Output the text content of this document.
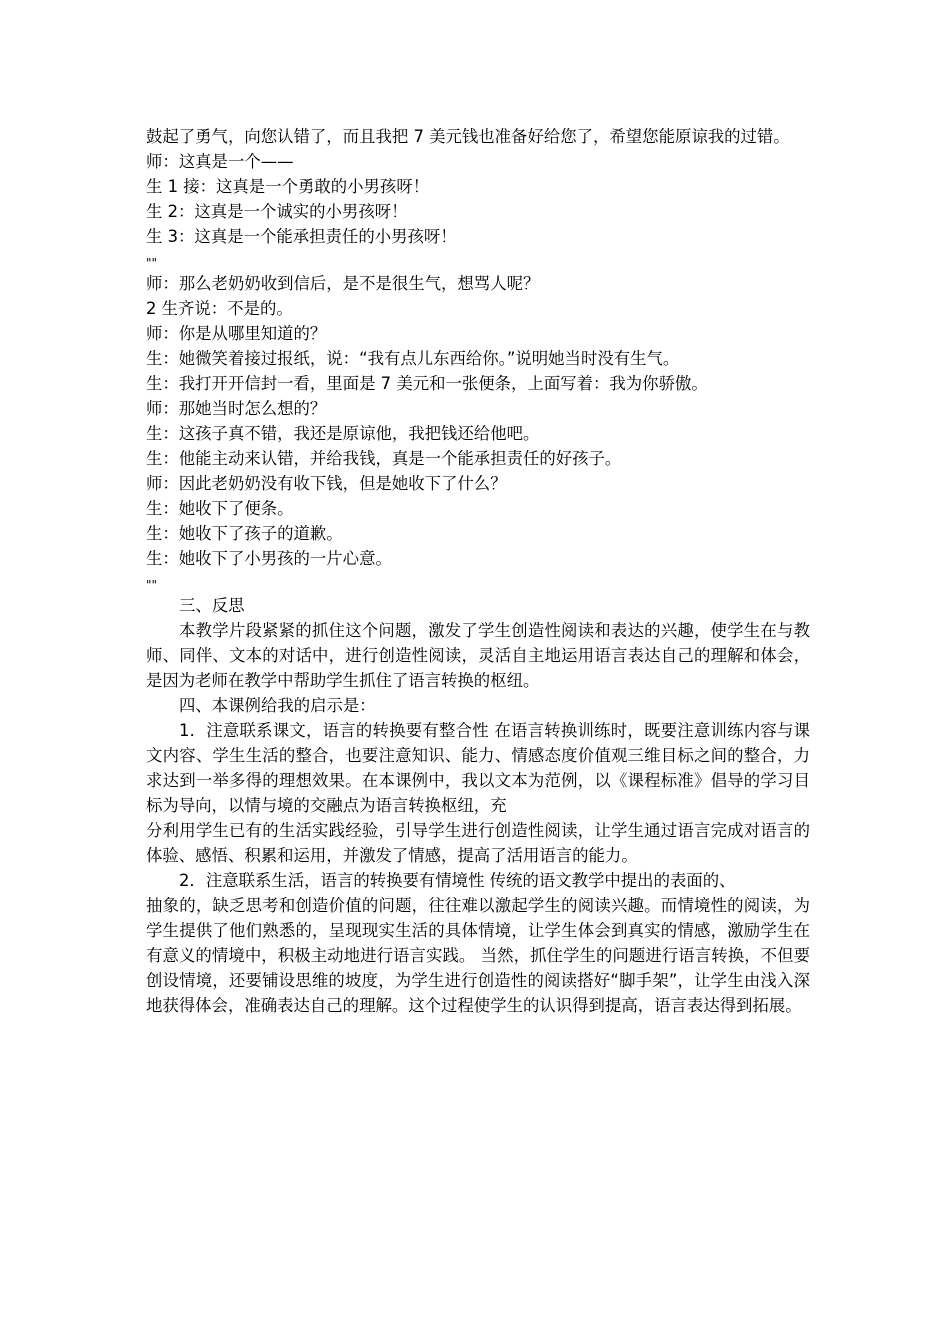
鼓起了勇气，向您认错了，而且我把 7 美元钱也准备好给您了，希望您能原谅我的过错。

师：这真是一个——

生 1 接：这真是一个勇敢的小男孩呀！

生 2：这真是一个诚实的小男孩呀！

生 3：这真是一个能承担责任的小男孩呀！

""

师：那么老奶奶收到信后，是不是很生气，想骂人呢？

2 生齐说：不是的。

师：你是从哪里知道的？

生：她微笑着接过报纸，说：“我有点儿东西给你。”说明她当时没有生气。

生：我打开开信封一看，里面是 7 美元和一张便条，上面写着：我为你骄傲。

师：那她当时怎么想的？

生：这孩子真不错，我还是原谅他，我把钱还给他吧。

生：他能主动来认错，并给我钱，真是一个能承担责任的好孩子。

师：因此老奶奶没有收下钱，但是她收下了什么？

生：她收下了便条。

生：她收下了孩子的道歉。

生：她收下了小男孩的一片心意。

""

三、反思

本教学片段紧紧的抓住这个问题，激发了学生创造性阅读和表达的兴趣，使学生在与教师、同伴、文本的对话中，进行创造性阅读，灵活自主地运用语言表达自己的理解和体会，是因为老师在教学中帮助学生抓住了语言转换的枢纽。

四、本课例给我的启示是：

1．注意联系课文，语言的转换要有整合性 在语言转换训练时，既要注意训练内容与课文内容、学生生活的整合，也要注意知识、能力、情感态度价值观三维目标之间的整合，力求达到一举多得的理想效果。在本课例中，我以文本为范例，以《课程标准》倡导的学习目标为导向，以情与境的交融点为语言转换枢纽，充

分利用学生已有的生活实践经验，引导学生进行创造性阅读，让学生通过语言完成对语言的体验、感悟、积累和运用，并激发了情感，提高了活用语言的能力。

2．注意联系生活，语言的转换要有情境性 传统的语文教学中提出的表面的、

抽象的，缺乏思考和创造价值的问题，往往难以激起学生的阅读兴趣。而情境性的阅读，为学生提供了他们熟悉的，呈现现实生活的具体情境，让学生体会到真实的情感，激励学生在有意义的情境中，积极主动地进行语言实践。 当然，抓住学生的问题进行语言转换，不但要创设情境，还要铺设思维的坡度，为学生进行创造性的阅读搭好“脚手架”，让学生由浅入深地获得体会，准确表达自己的理解。这个过程使学生的认识得到提高，语言表达得到拓展。
